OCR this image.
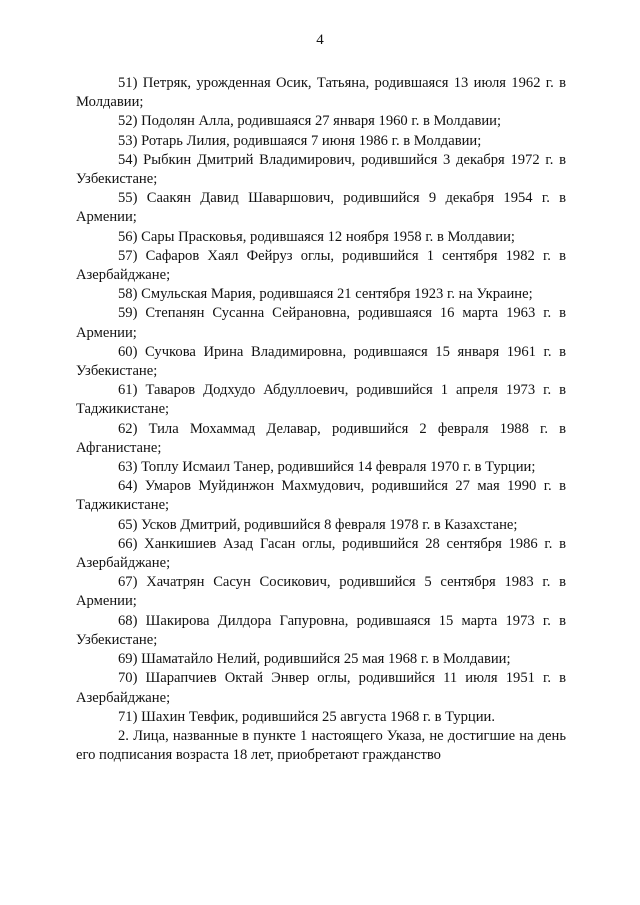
4

51) Петряк, урожденная Осик, Татьяна, родившаяся 13 июля 1962 г. в Молдавии;

52) Подолян Алла, родившаяся 27 января 1960 г. в Молдавии;

53) Ротарь Лилия, родившаяся 7 июня 1986 г. в Молдавии;

54) Рыбкин Дмитрий Владимирович, родившийся 3 декабря 1972 г. в Узбекистане;

55) Саакян Давид Шаваршович, родившийся 9 декабря 1954 г. в Армении;

56) Сары Прасковья, родившаяся 12 ноября 1958 г. в Молдавии;

57) Сафаров Хаял Фейруз оглы, родившийся 1 сентября 1982 г. в Азербайджане;

58) Смульская Мария, родившаяся 21 сентября 1923 г. на Украине;

59) Степанян Сусанна Сейрановна, родившаяся 16 марта 1963 г. в Армении;

60) Сучкова Ирина Владимировна, родившаяся 15 января 1961 г. в Узбекистане;

61) Таваров Додхудо Абдуллоевич, родившийся 1 апреля 1973 г. в Таджикистане;

62) Тила Мохаммад Делавар, родившийся 2 февраля 1988 г. в Афганистане;

63) Топлу Исмаил Танер, родившийся 14 февраля 1970 г. в Турции;

64) Умаров Муйдинжон Махмудович, родившийся 27 мая 1990 г. в Таджикистане;

65) Усков Дмитрий, родившийся 8 февраля 1978 г. в Казахстане;

66) Ханкишиев Азад Гасан оглы, родившийся 28 сентября 1986 г. в Азербайджане;

67) Хачатрян Сасун Сосикович, родившийся 5 сентября 1983 г. в Армении;

68) Шакирова Дилдора Гапуровна, родившаяся 15 марта 1973 г. в Узбекистане;

69) Шаматайло Нелий, родившийся 25 мая 1968 г. в Молдавии;

70) Шарапчиев Октай Энвер оглы, родившийся 11 июля 1951 г. в Азербайджане;

71) Шахин Тевфик, родившийся 25 августа 1968 г. в Турции.

2. Лица, названные в пункте 1 настоящего Указа, не достигшие на день его подписания возраста 18 лет, приобретают гражданство
